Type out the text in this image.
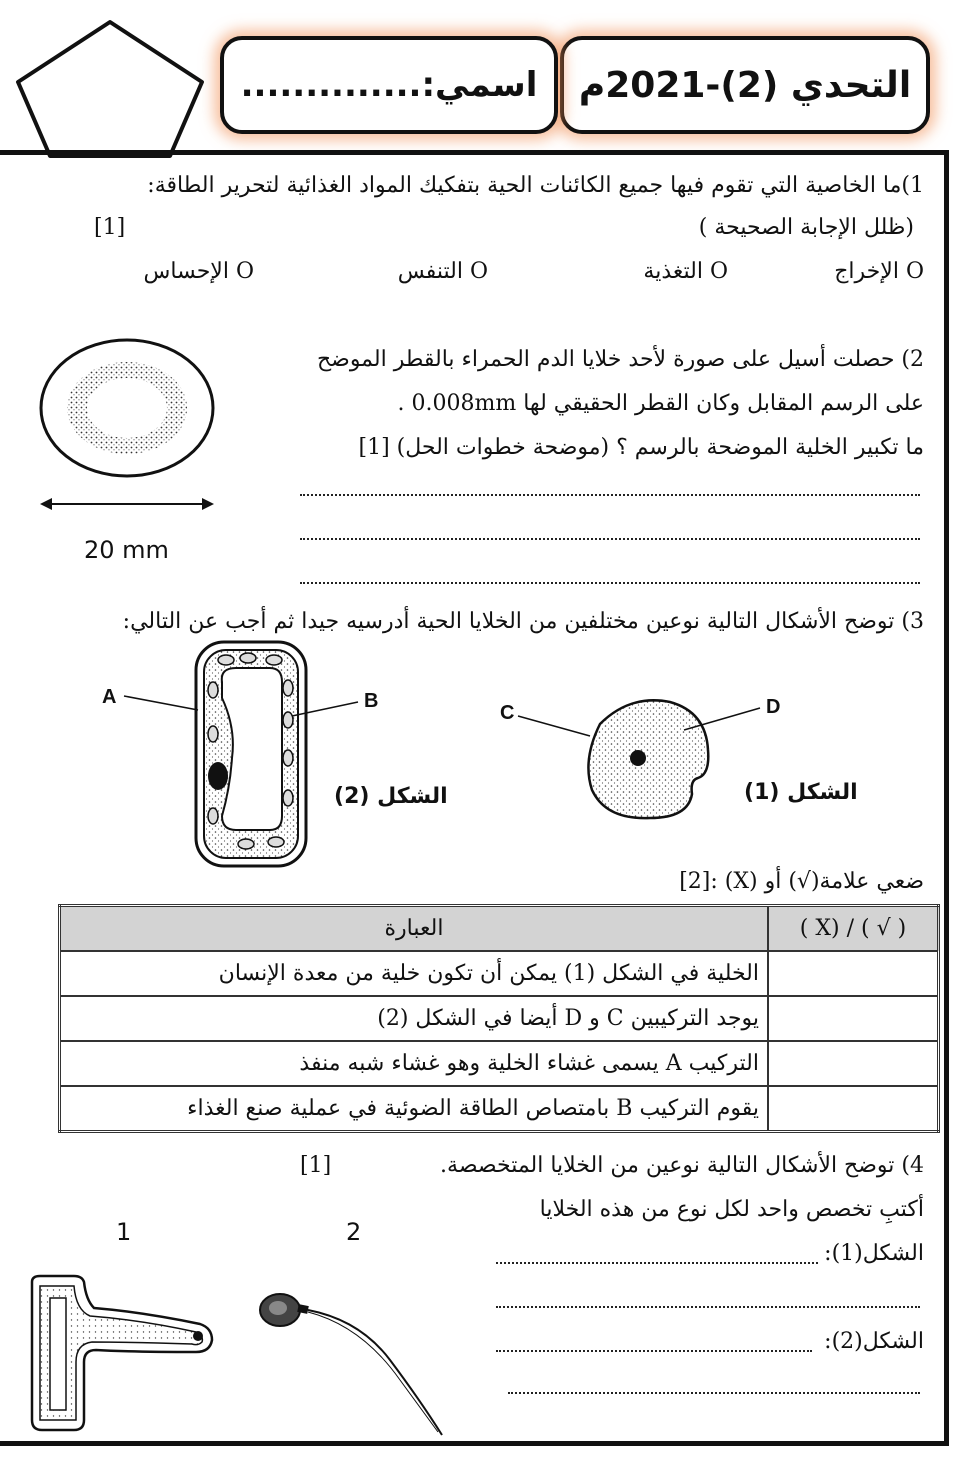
التحدي (2)-2021م
اسمي:..............
1)ما الخاصية التي تقوم فيها جميع الكائنات الحية بتفكيك المواد الغذائية لتحرير الطاقة:
(ظلل الإجابة الصحيحة )
[1]
O الإخراج
O التغذية
O التنفس
O الإحساس
2) حصلت أسيل على صورة لأحد خلايا الدم الحمراء بالقطر الموضح
على الرسم المقابل وكان القطر الحقيقي لها 0.008mm .
ما تكبير الخلية الموضحة بالرسم ؟ (موضحة خطوات الحل) [1]
20 mm
3) توضح الأشكال التالية نوعين مختلفين من الخلايا الحية أدرسيه جيدا ثم أجب عن التالي:
A	B
الشكل (2)
C	D
الشكل (1)
ضعي علامة(√) أو (X) :[2]
العبارة	( X) / ( √ )
الخلية في الشكل (1) يمكن أن تكون خلية من معدة الإنسان	
يوجد التركيبين C و D أيضا في الشكل (2)	
التركيب A يسمى غشاء الخلية وهو غشاء شبه منفذ	
يقوم التركيب B بامتصاص الطاقة الضوئية في عملية صنع الغذاء	
4) توضح الأشكال التالية نوعين من الخلايا المتخصصة.
[1]
أكتبِ تخصص واحد لكل نوع من هذه الخلايا
الشكل(1):
الشكل(2):
1	2
